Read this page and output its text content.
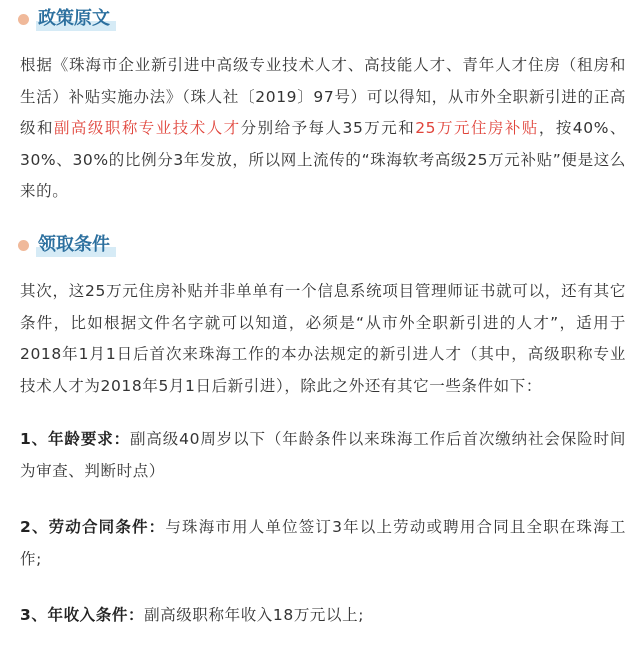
政策原文

根据《珠海市企业新引进中高级专业技术人才、高技能人才、青年人才住房（租房和生活）补贴实施办法》（珠人社〔2019〕97号）可以得知，从市外全职新引进的正高级和副高级职称专业技术人才分别给予每人35万元和25万元住房补贴，按40%、30%、30%的比例分3年发放，所以网上流传的“珠海软考高级25万元补贴”便是这么来的。

领取条件

其次，这25万元住房补贴并非单单有一个信息系统项目管理师证书就可以，还有其它条件，比如根据文件名字就可以知道，必须是“从市外全职新引进的人才”，适用于2018年1月1日后首次来珠海工作的本办法规定的新引进人才（其中，高级职称专业技术人才为2018年5月1日后新引进），除此之外还有其它一些条件如下：

1、年龄要求：副高级40周岁以下（年龄条件以来珠海工作后首次缴纳社会保险时间为审查、判断时点）

2、劳动合同条件：与珠海市用人单位签订3年以上劳动或聘用合同且全职在珠海工作;

3、年收入条件：副高级职称年收入18万元以上;
